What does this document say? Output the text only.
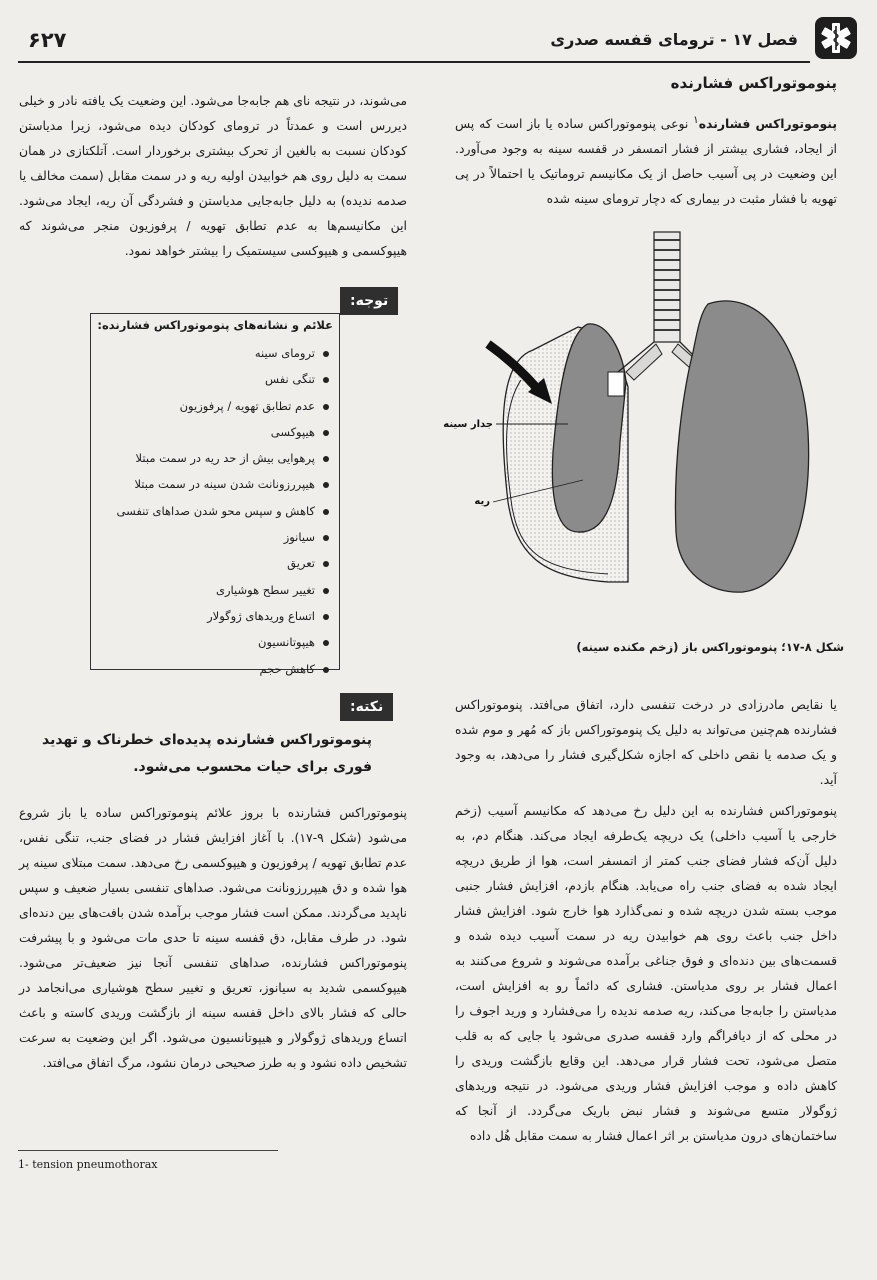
۶۲۷	فصل ۱۷ - ترومای قفسه صدری
پنوموتوراکس فشارنده

پنوموتوراکس فشارنده$^۱$ نوعی پنوموتوراکس ساده یا باز است که پس از ایجاد، فشاری بیشتر از فشار اتمسفر در قفسه سینه به وجود می‌آورد. این وضعیت در پی آسیب حاصل از یک مکانیسم تروماتیک یا احتمالاً در پی تهویه با فشار مثبت در بیماری که دچار ترومای سینه شده

جدار سینه
ریه
شکل ۸-۱۷؛ پنوموتوراکس باز (زخم مکنده سینه)

یا نقایص مادرزادی در درخت تنفسی دارد، اتفاق می‌افتد. پنوموتوراکس فشارنده هم‌چنین می‌تواند به دلیل یک پنوموتوراکس باز که مُهر و موم شده و یک صدمه یا نقص داخلی که اجازه شکل‌گیری فشار را می‌دهد، به وجود آید.

پنوموتوراکس فشارنده به این دلیل رخ می‌دهد که مکانیسم آسیب (زخم خارجی یا آسیب داخلی) یک دریچه یک‌طرفه ایجاد می‌کند. هنگام دم، به دلیل آن‌که فشار فضای جنب کمتر از اتمسفر است، هوا از طریق دریچه ایجاد شده به فضای جنب راه می‌یابد. هنگام بازدم، افزایش فشار جنبی موجب بسته شدن دریچه شده و نمی‌گذارد هوا خارج شود. افزایش فشار داخل جنب باعث روی هم خوابیدن ریه در سمت آسیب دیده شده و قسمت‌های بین دنده‌ای و فوق جناغی برآمده می‌شوند و شروع می‌کنند به اعمال فشار بر روی مدیاستن. فشاری که دائماً رو به افزایش است، مدیاستن را جابه‌جا می‌کند، ریه صدمه ندیده را می‌فشارد و ورید اجوف را در محلی که از دیافراگم وارد قفسه صدری می‌شود یا جایی که به قلب متصل می‌شود، تحت فشار قرار می‌دهد. این وقایع بازگشت وریدی را کاهش داده و موجب افزایش فشار وریدی می‌شود. در نتیجه وریدهای ژوگولار متسع می‌شوند و فشار نبض باریک می‌گردد. از آنجا که ساختمان‌های درون مدیاستن بر اثر اعمال فشار به سمت مقابل هُل داده

می‌شوند، در نتیجه نای هم جابه‌جا می‌شود. این وضعیت یک یافته نادر و خیلی دیررس است و عمدتاً در ترومای کودکان دیده می‌شود، زیرا مدیاستن کودکان نسبت به بالغین از تحرک بیشتری برخوردار است. آتلکتازی در همان سمت به دلیل روی هم خوابیدن اولیه ریه و در سمت مقابل (سمت مخالف یا صدمه ندیده) به دلیل جابه‌جایی مدیاستن و فشردگی آن ریه، ایجاد می‌شود. این مکانیسم‌ها به عدم تطابق تهویه / پرفوزیون منجر می‌شوند که هیپوکسمی و هیپوکسی سیستمیک را بیشتر خواهد نمود.

توجه:
علائم و نشانه‌های پنوموتوراکس فشارنده:
ترومای سینه
تنگی نفس
عدم تطابق تهویه / پرفوزیون
هیپوکسی
پرهوایی بیش از حد ریه در سمت مبتلا
هیپررزونانت شدن سینه در سمت مبتلا
کاهش و سپس محو شدن صداهای تنفسی
سیانوز
تعریق
تغییر سطح هوشیاری
اتساع وریدهای ژوگولار
هیپوتانسیون
کاهش حجم
نکته:
پنوموتوراکس فشارنده پدیده‌ای خطرناک و تهدید فوری برای حیات محسوب می‌شود.

پنوموتوراکس فشارنده با بروز علائم پنوموتوراکس ساده یا باز شروع می‌شود (شکل ۹-۱۷). با آغاز افزایش فشار در فضای جنب، تنگی نفس، عدم تطابق تهویه / پرفوزیون و هیپوکسمی رخ می‌دهد. سمت مبتلای سینه پر هوا شده و دق هیپررزونانت می‌شود. صداهای تنفسی بسیار ضعیف و سپس ناپدید می‌گردند. ممکن است فشار موجب برآمده شدن بافت‌های بین دنده‌ای شود. در طرف مقابل، دق قفسه سینه تا حدی مات می‌شود و با پیشرفت پنوموتوراکس فشارنده، صداهای تنفسی آنجا نیز ضعیف‌تر می‌شود. هیپوکسمی شدید به سیانوز، تعریق و تغییر سطح هوشیاری می‌انجامد در حالی که فشار بالای داخل قفسه سینه از بازگشت وریدی کاسته و باعث اتساع وریدهای ژوگولار و هیپوتانسیون می‌شود. اگر این وضعیت به سرعت تشخیص داده نشود و به طرز صحیحی درمان نشود، مرگ اتفاق می‌افتد.

1- tension pneumothorax
